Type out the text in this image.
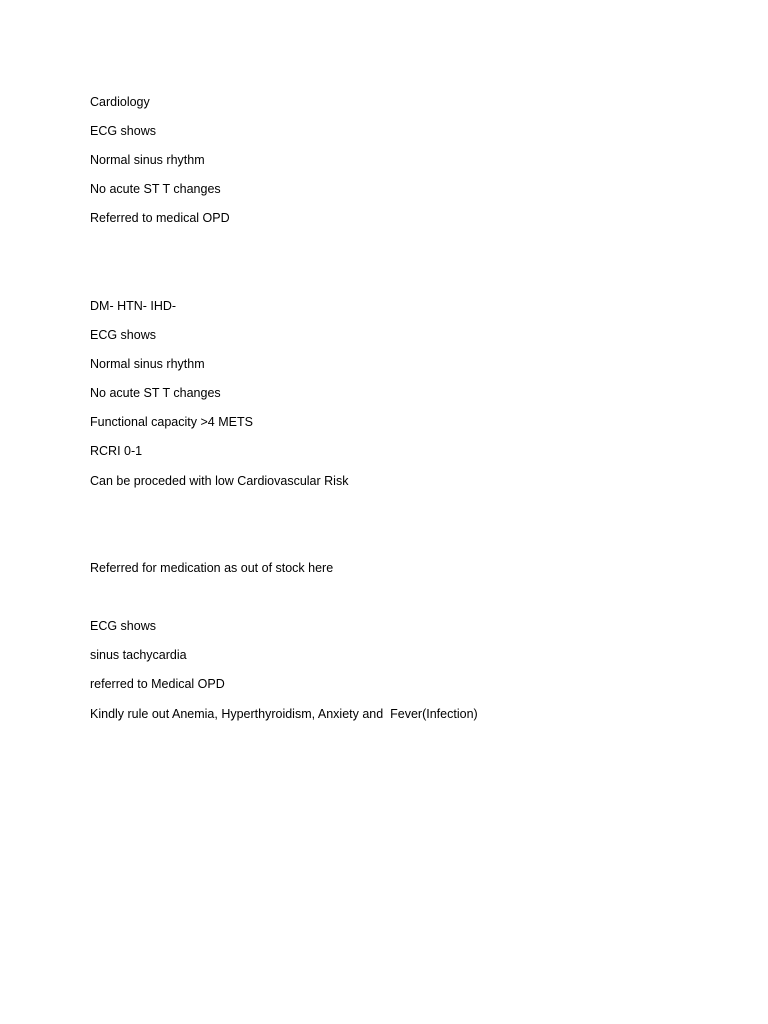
Cardiology
ECG shows
Normal sinus rhythm
No acute ST T changes
Referred to medical OPD
DM- HTN- IHD-
ECG shows
Normal sinus rhythm
No acute ST T changes
Functional capacity >4 METS
RCRI 0-1
Can be proceded with low Cardiovascular Risk
Referred for medication as out of stock here
ECG shows
sinus tachycardia
referred to Medical OPD
Kindly rule out Anemia, Hyperthyroidism, Anxiety and  Fever(Infection)
